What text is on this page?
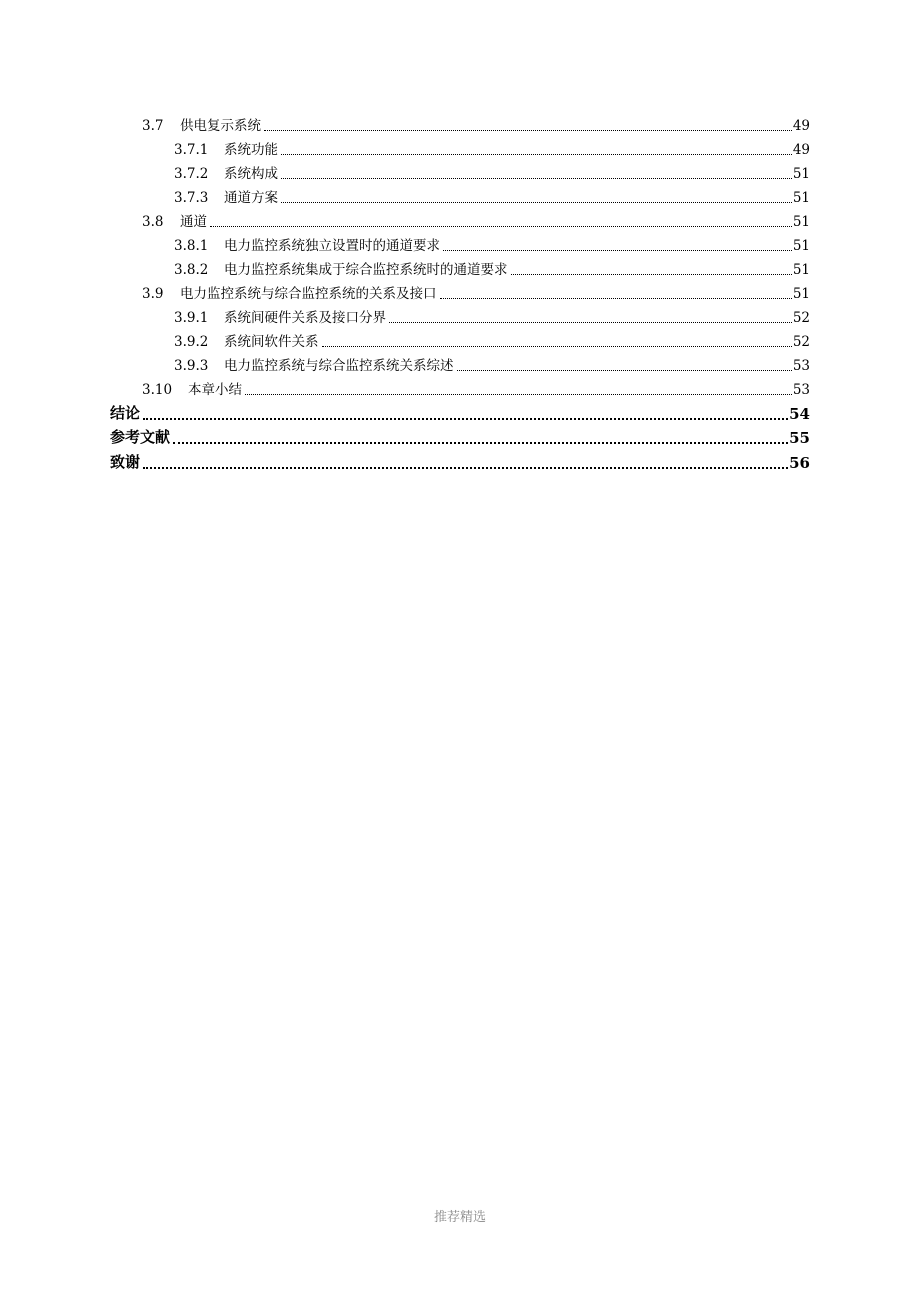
3.7	供电复示系统	49
3.7.1	系统功能	49
3.7.2	系统构成	51
3.7.3	通道方案	51
3.8	通道	51
3.8.1	电力监控系统独立设置时的通道要求	51
3.8.2	电力监控系统集成于综合监控系统时的通道要求	51
3.9	电力监控系统与综合监控系统的关系及接口	51
3.9.1	系统间硬件关系及接口分界	52
3.9.2	系统间软件关系	52
3.9.3	电力监控系统与综合监控系统关系综述	53
3.10	本章小结	53
结论	54
参考文献	55
致谢	56
推荐精选
